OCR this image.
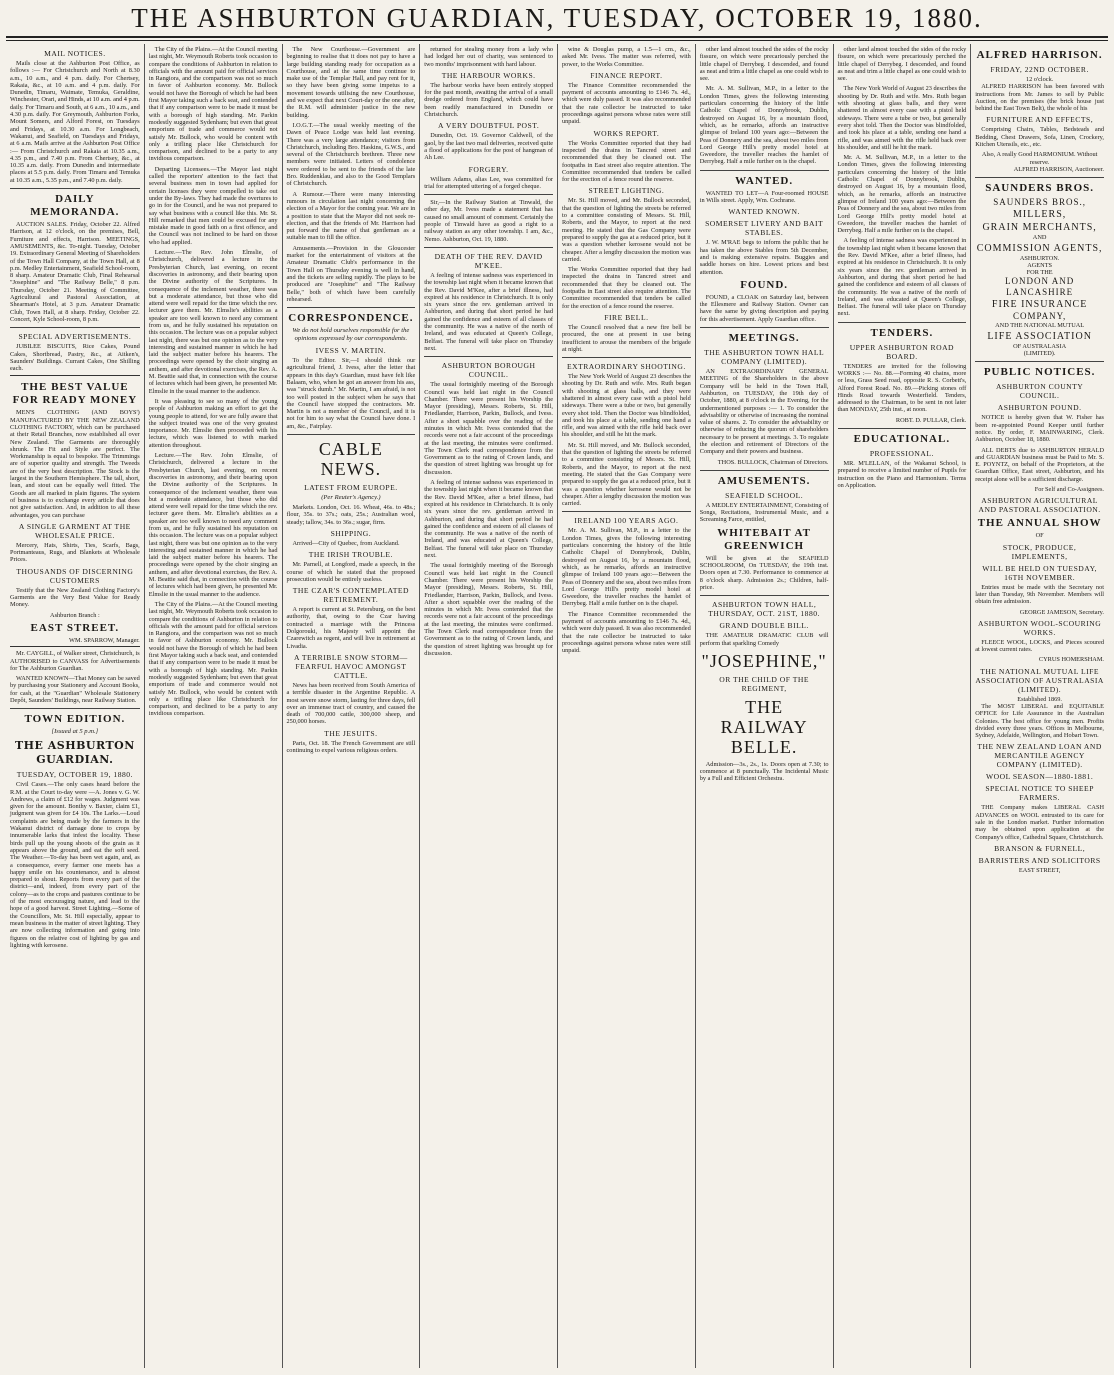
THE ASHBURTON GUARDIAN, TUESDAY, OCTOBER 19, 1880.
MAIL NOTICES.
Mails close at the Ashburton Post Office, as follows :— For Christchurch and North at 8.30 a.m., 10 a.m., and 4 p.m. daily. For Chertsey, Rakaia, &c., at 10 a.m. and 4 p.m. daily. For Dunedin, Timaru, Waimate, Temuka, Geraldine, Winchester, Orari, and Hinds, at 10 a.m. and 4 p.m. daily. For Timaru and South, at 6 a.m., 10 a.m., and 4.30 p.m. daily. For Greymouth, Ashburton Forks, Mount Somers, and Alford Forest, on Tuesdays and Fridays, at 10.30 a.m. For Longbeach, Wakanui, and Seafield, on Tuesdays and Fridays, at 6 a.m. Mails arrive at the Ashburton Post Office :— From Christchurch and Rakaia at 10.35 a.m., 4.35 p.m., and 7.40 p.m. From Chertsey, &c., at 10.35 a.m. daily. From Dunedin and intermediate places at 5.5 p.m. daily. From Timaru and Temuka at 10.35 a.m., 5.35 p.m., and 7.40 p.m. daily.
DAILY MEMORANDA.
AUCTION SALES. Friday, October 22. Alfred Harrison, at 12 o'clock, on the premises, Bell, Furniture and effects, Harrison. MEETINGS, AMUSEMENTS, &c. To-night. Tuesday, October 19. Extraordinary General Meeting of Shareholders of the Town Hall Company, at the Town Hall, at 8 p.m. Medley Entertainment, Seafield School-room, 8 sharp. Amateur Dramatic Club, Final Rehearsal "Josephine" and "The Railway Belle," 8 p.m. Thursday, October 21. Meeting of Committee, Agricultural and Pastoral Association, at Shearman's Hotel, at 3 p.m. Amateur Dramatic Club, Town Hall, at 8 sharp. Friday, October 22. Concert, Kyle School-room, 8 p.m.
SPECIAL ADVERTISEMENTS.
JUBILEE BISCUITS, Rice Cakes, Pound Cakes, Shortbread, Pastry, &c., at Aitken's, Saunders' Buildings. Currant Cakes, One Shilling each.
THE BEST VALUE FOR READY MONEY
MEN'S CLOTHING (AND BOYS') MANUFACTURED BY THE NEW ZEALAND CLOTHING FACTORY, which can be purchased at their Retail Branches, now established all over New Zealand. The Garments are thoroughly shrunk. The Fit and Style are perfect. The Workmanship is equal to bespoke. The Trimmings are of superior quality and strength. The Tweeds are of the very best description. The Stock is the largest in the Southern Hemisphere. The tall, short, lean, and stout can be equally well fitted. The Goods are all marked in plain figures. The system of business is to exchange every article that does not give satisfaction. And, in addition to all these advantages, you can purchase
A SINGLE GARMENT AT THE WHOLESALE PRICE.
Mercery, Hats, Shirts, Ties, Scarfs, Bags, Portmanteaus, Rugs, and Blankets at Wholesale Prices.
THOUSANDS OF DISCERNING CUSTOMERS
Testify that the New Zealand Clothing Factory's Garments are the Very Best Value for Ready Money.
Ashburton Branch :
EAST STREET.
WM. SPARROW, Manager.
Mr. CAYGILL, of Walker street, Christchurch, is AUTHORISED to CANVASS for Advertisements for The Ashburton Guardian.
WANTED KNOWN—That Money can be saved by purchasing your Stationery and Account Books, for cash, at the "Guardian" Wholesale Stationery Depôt, Saunders' Buildings, near Railway Station.
TOWN EDITION.
[Issued at 5 p.m.]
THE ASHBURTON GUARDIAN.
TUESDAY, OCTOBER 19, 1880.
Civil Cases.—The only cases heard before the R.M. at the Court to-day were —A. Jones v. G. W. Andrews, a claim of £12 for wages. Judgment was given for the amount. Bonthy v. Baxter, claim £1, judgment was given for £4 10s. The Larks.—Loud complaints are being made by the farmers in the Wakanui district of damage done to crops by innumerable larks that infest the locality. These birds pull up the young shoots of the grain as it appears above the ground, and eat the soft seed. The Weather.—To-day has been wet again, and, as a consequence, every farmer one meets has a happy smile on his countenance, and is almost prepared to shout. Reports from every part of the district—and, indeed, from every part of the colony—as to the crops and pastures continue to be of the most encouraging nature, and lead to the hope of a good harvest. Street Lighting.—Some of the Councillors, Mr. St. Hill especially, appear to mean business in the matter of street lighting. They are now collecting information and going into figures on the relative cost of lighting by gas and lighting with kerosene.
The City of the Plains.—At the Council meeting last night, Mr. Weymouth Roberts took occasion to compare the conditions of Ashburton in relation to officials with the amount paid for official services in Rangiora, and the comparison was not so much in favor of Ashburton economy. Mr. Bullock would not have the Borough of which he had been first Mayor taking such a back seat, and contended that if any comparison were to be made it must be with a borough of high standing. Mr. Parkin modestly suggested Sydenham; but even that great emporium of trade and commerce would not satisfy Mr. Bullock, who would be content with only a trifling place like Christchurch for comparison, and declined to be a party to any invidious comparison.
Departing Licensees.—The Mayor last night called the reporters' attention to the fact that several business men in town had applied for certain licenses they were compelled to take out under the By-laws. They had made the overtures to go in for the Council, and he was not prepared to say what business with a council like this. Mr. St. Hill remarked that men could be excused for any mistake made in good faith on a first offence, and the Council was not inclined to be hard on those who had applied.
Lecture.—The Rev. John Elmslie, of Christchurch, delivered a lecture in the Presbyterian Church, last evening, on recent discoveries in astronomy, and their bearing upon the Divine authority of the Scriptures. In consequence of the inclement weather, there was but a moderate attendance, but those who did attend were well repaid for the time which the rev. lecturer gave them. Mr. Elmslie's abilities as a speaker are too well known to need any comment from us, and he fully sustained his reputation on this occasion. The lecture was on a popular subject last night, there was but one opinion as to the very interesting and sustained manner in which he had laid the subject matter before his hearers. The proceedings were opened by the choir singing an anthem, and after devotional exercises, the Rev. A. M. Beattie said that, in connection with the course of lectures which had been given, he presented Mr. Elmslie in the usual manner to the audience.
It was pleasing to see so many of the young people of Ashburton making an effort to get the young people to attend, for we are fully aware that the subject treated was one of the very greatest importance. Mr. Elmslie then proceeded with his lecture, which was listened to with marked attention throughout.
Lecture.—The Rev. John Elmslie, of Christchurch, delivered a lecture in the Presbyterian Church, last evening, on recent discoveries in astronomy, and their bearing upon the Divine authority of the Scriptures. In consequence of the inclement weather, there was but a moderate attendance, but those who did attend were well repaid for the time which the rev. lecturer gave them. Mr. Elmslie's abilities as a speaker are too well known to need any comment from us, and he fully sustained his reputation on this occasion. The lecture was on a popular subject last night, there was but one opinion as to the very interesting and sustained manner in which he had laid the subject matter before his hearers. The proceedings were opened by the choir singing an anthem, and after devotional exercises, the Rev. A. M. Beattie said that, in connection with the course of lectures which had been given, he presented Mr. Elmslie in the usual manner to the audience.
The City of the Plains.—At the Council meeting last night, Mr. Weymouth Roberts took occasion to compare the conditions of Ashburton in relation to officials with the amount paid for official services in Rangiora, and the comparison was not so much in favor of Ashburton economy. Mr. Bullock would not have the Borough of which he had been first Mayor taking such a back seat, and contended that if any comparison were to be made it must be with a borough of high standing. Mr. Parkin modestly suggested Sydenham; but even that great emporium of trade and commerce would not satisfy Mr. Bullock, who would be content with only a trifling place like Christchurch for comparison, and declined to be a party to any invidious comparison.
The New Courthouse.—Government are beginning to realise that it does not pay to have a large building standing ready for occupation as a Courthouse, and at the same time continue to make use of the Templar Hall, and pay rent for it, so they have been giving some impetus to a movement towards utilising the new Courthouse, and we expect that next Court-day or the one after, the R.M. will administer justice in the new building.
I.O.G.T.—The usual weekly meeting of the Dawn of Peace Lodge was held last evening. There was a very large attendance; visitors from Christchurch, including Bro. Haskins, G.W.S., and several of the Christchurch brethren. Three new members were initiated. Letters of condolence were ordered to be sent to the friends of the late Bro. Ruddenklau, and also to the Good Templars of Christchurch.
A Rumour.—There were many interesting rumours in circulation last night concerning the election of a Mayor for the coming year. We are in a position to state that the Mayor did not seek re-election, and that the friends of Mr. Harrison had put forward the name of that gentleman as a suitable man to fill the office.
Amusements.—Provision in the Gloucester market for the entertainment of visitors at the Amateur Dramatic Club's performance in the Town Hall on Thursday evening is well in hand, and the tickets are selling rapidly. The plays to be produced are "Josephine" and "The Railway Belle," both of which have been carefully rehearsed.
CORRESPONDENCE.
We do not hold ourselves responsible for the opinions expressed by our correspondents.
IVESS V. MARTIN.
To the Editor. Sir,—I should think our agricultural friend, J. Ivess, after the letter that appears in this day's Guardian, must have felt like Balaam, who, when he got an answer from his ass, was "struck dumb." Mr. Martin, I am afraid, is not too well posted in the subject when he says that the Council have stopped the contractors. Mr. Martin is not a member of the Council, and it is not for him to say what the Council have done. I am, &c., Fairplay.
CABLE NEWS.
LATEST FROM EUROPE.
(Per Reuter's Agency.)
Markets. London, Oct. 16. Wheat, 46s. to 48s.; flour, 35s. to 37s.; oats, 25s.; Australian wool, steady; tallow, 34s. to 36s.; sugar, firm.
SHIPPING.
Arrived—City of Quebec, from Auckland.
THE IRISH TROUBLE.
Mr. Parnell, at Longford, made a speech, in the course of which he stated that the proposed prosecution would be entirely useless.
THE CZAR'S CONTEMPLATED RETIREMENT.
A report is current at St. Petersburg, on the best authority, that, owing to the Czar having contracted a marriage with the Princess Dolgorouki, his Majesty will appoint the Czarewitch as regent, and will live in retirement at Livadia.
A TERRIBLE SNOW STORM—FEARFUL HAVOC AMONGST CATTLE.
News has been received from South America of a terrible disaster in the Argentine Republic. A most severe snow storm, lasting for three days, fell over an immense tract of country, and caused the death of 700,000 cattle, 300,000 sheep, and 250,000 horses.
THE JESUITS.
Paris, Oct. 18. The French Government are still continuing to expel various religious orders.
returned for stealing money from a lady who had lodged her out of charity, was sentenced to two months' imprisonment with hard labour.
THE HARBOUR WORKS.
The harbour works have been entirely stopped for the past month, awaiting the arrival of a small dredge ordered from England, which could have been readily manufactured in Dunedin or Christchurch.
A VERY DOUBTFUL POST.
Dunedin, Oct. 19. Governor Caldwell, of the gaol, by the last two mail deliveries, received quite a flood of applications for the post of hangman of Ah Lee.
FORGERY.
William Adams, alias Lee, was committed for trial for attempted uttering of a forged cheque.
Sir,—In the Railway Station at Tinwald, the other day, Mr. Ivess made a statement that has caused no small amount of comment. Certainly the people of Tinwald have as good a right to a railway station as any other township. I am, &c., Nemo. Ashburton, Oct. 19, 1880.
DEATH OF THE REV. DAVID M'KEE.
A feeling of intense sadness was experienced in the township last night when it became known that the Rev. David M'Kee, after a brief illness, had expired at his residence in Christchurch. It is only six years since the rev. gentleman arrived in Ashburton, and during that short period he had gained the confidence and esteem of all classes of the community. He was a native of the north of Ireland, and was educated at Queen's College, Belfast. The funeral will take place on Thursday next.
ASHBURTON BOROUGH COUNCIL.
The usual fortnightly meeting of the Borough Council was held last night in the Council Chamber. There were present his Worship the Mayor (presiding), Messrs. Roberts, St. Hill, Friedlander, Harrison, Parkin, Bullock, and Ivess. After a short squabble over the reading of the minutes in which Mr. Ivess contended that the records were not a fair account of the proceedings at the last meeting, the minutes were confirmed. The Town Clerk read correspondence from the Government as to the rating of Crown lands, and the question of street lighting was brought up for discussion.
A feeling of intense sadness was experienced in the township last night when it became known that the Rev. David M'Kee, after a brief illness, had expired at his residence in Christchurch. It is only six years since the rev. gentleman arrived in Ashburton, and during that short period he had gained the confidence and esteem of all classes of the community. He was a native of the north of Ireland, and was educated at Queen's College, Belfast. The funeral will take place on Thursday next.
The usual fortnightly meeting of the Borough Council was held last night in the Council Chamber. There were present his Worship the Mayor (presiding), Messrs. Roberts, St. Hill, Friedlander, Harrison, Parkin, Bullock, and Ivess. After a short squabble over the reading of the minutes in which Mr. Ivess contended that the records were not a fair account of the proceedings at the last meeting, the minutes were confirmed. The Town Clerk read correspondence from the Government as to the rating of Crown lands, and the question of street lighting was brought up for discussion.
wine & Douglas pump, a 1.5—1 cm., &c., asked Mr. Ivess. The matter was referred, with power, to the Works Committee.
FINANCE REPORT.
The Finance Committee recommended the payment of accounts amounting to £146 7s. 4d., which were duly passed. It was also recommended that the rate collector be instructed to take proceedings against persons whose rates were still unpaid.
WORKS REPORT.
The Works Committee reported that they had inspected the drains in Tancred street and recommended that they be cleaned out. The footpaths in East street also require attention. The Committee recommended that tenders be called for the erection of a fence round the reserve.
STREET LIGHTING.
Mr. St. Hill moved, and Mr. Bullock seconded, that the question of lighting the streets be referred to a committee consisting of Messrs. St. Hill, Roberts, and the Mayor, to report at the next meeting. He stated that the Gas Company were prepared to supply the gas at a reduced price, but it was a question whether kerosene would not be cheaper. After a lengthy discussion the motion was carried.
The Works Committee reported that they had inspected the drains in Tancred street and recommended that they be cleaned out. The footpaths in East street also require attention. The Committee recommended that tenders be called for the erection of a fence round the reserve.
FIRE BELL.
The Council resolved that a new fire bell be procured, the one at present in use being insufficient to arouse the members of the brigade at night.
EXTRAORDINARY SHOOTING.
The New York World of August 23 describes the shooting by Dr. Ruth and wife. Mrs. Ruth began with shooting at glass balls, and they were shattered in almost every case with a pistol held sideways. There were a tube or two, but generally every shot told. Then the Doctor was blindfolded, and took his place at a table, sending one hand a rifle, and was aimed with the rifle held back over his shoulder, and still he hit the mark.
Mr. St. Hill moved, and Mr. Bullock seconded, that the question of lighting the streets be referred to a committee consisting of Messrs. St. Hill, Roberts, and the Mayor, to report at the next meeting. He stated that the Gas Company were prepared to supply the gas at a reduced price, but it was a question whether kerosene would not be cheaper. After a lengthy discussion the motion was carried.
IRELAND 100 YEARS AGO.
Mr. A. M. Sullivan, M.P., in a letter to the London Times, gives the following interesting particulars concerning the history of the little Catholic Chapel of Donnybrook, Dublin, destroyed on August 16, by a mountain flood, which, as he remarks, affords an instructive glimpse of Ireland 100 years ago:—Between the Peas of Donnery and the sea, about two miles from Lord George Hill's pretty model hotel at Gweedore, the traveller reaches the hamlet of Derrybeg. Half a mile further on is the chapel.
The Finance Committee recommended the payment of accounts amounting to £146 7s. 4d., which were duly passed. It was also recommended that the rate collector be instructed to take proceedings against persons whose rates were still unpaid.
other land almost touched the sides of the rocky fissure, on which were precariously perched the little chapel of Derrybeg. I descended, and found as neat and trim a little chapel as one could wish to see.
Mr. A. M. Sullivan, M.P., in a letter to the London Times, gives the following interesting particulars concerning the history of the little Catholic Chapel of Donnybrook, Dublin, destroyed on August 16, by a mountain flood, which, as he remarks, affords an instructive glimpse of Ireland 100 years ago:—Between the Peas of Donnery and the sea, about two miles from Lord George Hill's pretty model hotel at Gweedore, the traveller reaches the hamlet of Derrybeg. Half a mile further on is the chapel.
WANTED.
WANTED TO LET—A Four-roomed HOUSE in Wills street. Apply, Wm. Cochrane.
WANTED KNOWN.
SOMERSET LIVERY AND BAIT STABLES.
J. W. M'RAE begs to inform the public that he has taken the above Stables from 5th December, and is making extensive repairs. Buggies and saddle horses on hire. Lowest prices and best attention.
FOUND.
FOUND, a CLOAK on Saturday last, between the Ellesmere and Railway Station. Owner can have the same by giving description and paying for this advertisement. Apply Guardian office.
MEETINGS.
THE ASHBURTON TOWN HALL COMPANY (LIMITED).
AN EXTRAORDINARY GENERAL MEETING of the Shareholders in the above Company will be held in the Town Hall, Ashburton, on TUESDAY, the 19th day of October, 1880, at 8 o'clock in the Evening, for the undermentioned purposes :— 1. To consider the advisability or otherwise of increasing the nominal value of shares. 2. To consider the advisability or otherwise of reducing the quorum of shareholders necessary to be present at meetings. 3. To regulate the election and retirement of Directors of the Company and their powers and business.
THOS. BULLOCK, Chairman of Directors.
AMUSEMENTS.
SEAFIELD SCHOOL.
A MEDLEY ENTERTAINMENT, Consisting of Songs, Recitations, Instrumental Music, and a Screaming Farce, entitled,
WHITEBAIT AT GREENWICH
Will be given at the SEAFIELD SCHOOLROOM, On TUESDAY, the 19th inst. Doors open at 7.30. Performance to commence at 8 o'clock sharp. Admission 2s.; Children, half-price.
ASHBURTON TOWN HALL, THURSDAY, OCT. 21ST, 1880.
GRAND DOUBLE BILL.
THE AMATEUR DRAMATIC CLUB will perform that sparkling Comedy
"JOSEPHINE,"
OR THE CHILD OF THE REGIMENT,
THE RAILWAY BELLE.
Admission—3s., 2s., 1s. Doors open at 7.30; to commence at 8 punctually. The Incidental Music by a Full and Efficient Orchestra.
other land almost touched the sides of the rocky fissure, on which were precariously perched the little chapel of Derrybeg. I descended, and found as neat and trim a little chapel as one could wish to see.
The New York World of August 23 describes the shooting by Dr. Ruth and wife. Mrs. Ruth began with shooting at glass balls, and they were shattered in almost every case with a pistol held sideways. There were a tube or two, but generally every shot told. Then the Doctor was blindfolded, and took his place at a table, sending one hand a rifle, and was aimed with the rifle held back over his shoulder, and still he hit the mark.
Mr. A. M. Sullivan, M.P., in a letter to the London Times, gives the following interesting particulars concerning the history of the little Catholic Chapel of Donnybrook, Dublin, destroyed on August 16, by a mountain flood, which, as he remarks, affords an instructive glimpse of Ireland 100 years ago:—Between the Peas of Donnery and the sea, about two miles from Lord George Hill's pretty model hotel at Gweedore, the traveller reaches the hamlet of Derrybeg. Half a mile further on is the chapel.
A feeling of intense sadness was experienced in the township last night when it became known that the Rev. David M'Kee, after a brief illness, had expired at his residence in Christchurch. It is only six years since the rev. gentleman arrived in Ashburton, and during that short period he had gained the confidence and esteem of all classes of the community. He was a native of the north of Ireland, and was educated at Queen's College, Belfast. The funeral will take place on Thursday next.
TENDERS.
UPPER ASHBURTON ROAD BOARD.
TENDERS are invited for the following WORKS :— No. 88.—Forming 40 chains, more or less, Grass Seed road, opposite R. S. Corbett's, Alford Forest Road. No. 89.—Picking stones off Hinds Road towards Westerfield. Tenders, addressed to the Chairman, to be sent in not later than MONDAY, 25th inst., at noon.
ROBT. D. PULLAR, Clerk.
EDUCATIONAL.
PROFESSIONAL.
MR. M'LELLAN, of the Wakanui School, is prepared to receive a limited number of Pupils for instruction on the Piano and Harmonium. Terms on Application.
ALFRED HARRISON.
FRIDAY, 22ND OCTOBER.
12 o'clock.
ALFRED HARRISON has been favored with instructions from Mr. James to sell by Public Auction, on the premises (the brick house just behind the East Town Belt), the whole of his
FURNITURE AND EFFECTS,
Comprising Chairs, Tables, Bedsteads and Bedding, Chest Drawers, Sofa, Linen, Crockery, Kitchen Utensils, etc., etc.
Also, A really Good HARMONIUM. Without reserve.
ALFRED HARRISON, Auctioneer.
SAUNDERS BROS.
SAUNDERS BROS.,
MILLERS,
GRAIN MERCHANTS,
AND
COMMISSION AGENTS,
ASHBURTON.
AGENTS
FOR THE
LONDON AND LANCASHIRE
FIRE INSURANCE
COMPANY,
AND THE NATIONAL MUTUAL
LIFE ASSOCIATION
OF AUSTRALASIA
(LIMITED).
PUBLIC NOTICES.
ASHBURTON COUNTY COUNCIL.
ASHBURTON POUND.
NOTICE is hereby given that W. Fisher has been re-appointed Pound Keeper until further notice. By order, F. MAINWARING, Clerk. Ashburton, October 18, 1880.
ALL DEBTS due to ASHBURTON HERALD and GUARDIAN business must be Paid to Mr. S. E. POYNTZ, on behalf of the Proprietors, at the Guardian Office, East street, Ashburton, and his receipt alone will be a sufficient discharge.
For Self and Co-Assignees.
ASHBURTON AGRICULTURAL AND PASTORAL ASSOCIATION.
THE ANNUAL SHOW
OF
STOCK, PRODUCE, IMPLEMENTS,
WILL BE HELD ON TUESDAY, 16TH NOVEMBER.
Entries must be made with the Secretary not later than Tuesday, 9th November. Members will obtain free admission.
GEORGE JAMESON, Secretary.
ASHBURTON WOOL-SCOURING WORKS.
FLEECE WOOL, LOCKS, and Pieces scoured at lowest current rates.
CYRUS HOMERSHAM.
THE NATIONAL MUTUAL LIFE ASSOCIATION OF AUSTRALASIA (LIMITED).
Established 1869.
The MOST LIBERAL and EQUITABLE OFFICE for Life Assurance in the Australian Colonies. The best office for young men. Profits divided every three years. Offices in Melbourne, Sydney, Adelaide, Wellington, and Hobart Town.
THE NEW ZEALAND LOAN AND MERCANTILE AGENCY COMPANY (LIMITED).
WOOL SEASON—1880-1881.
SPECIAL NOTICE TO SHEEP FARMERS.
THE Company makes LIBERAL CASH ADVANCES on WOOL entrusted to its care for sale in the London market. Further information may be obtained upon application at the Company's office, Cathedral Square, Christchurch.
BRANSON & FURNELL,
BARRISTERS AND SOLICITORS
EAST STREET,
